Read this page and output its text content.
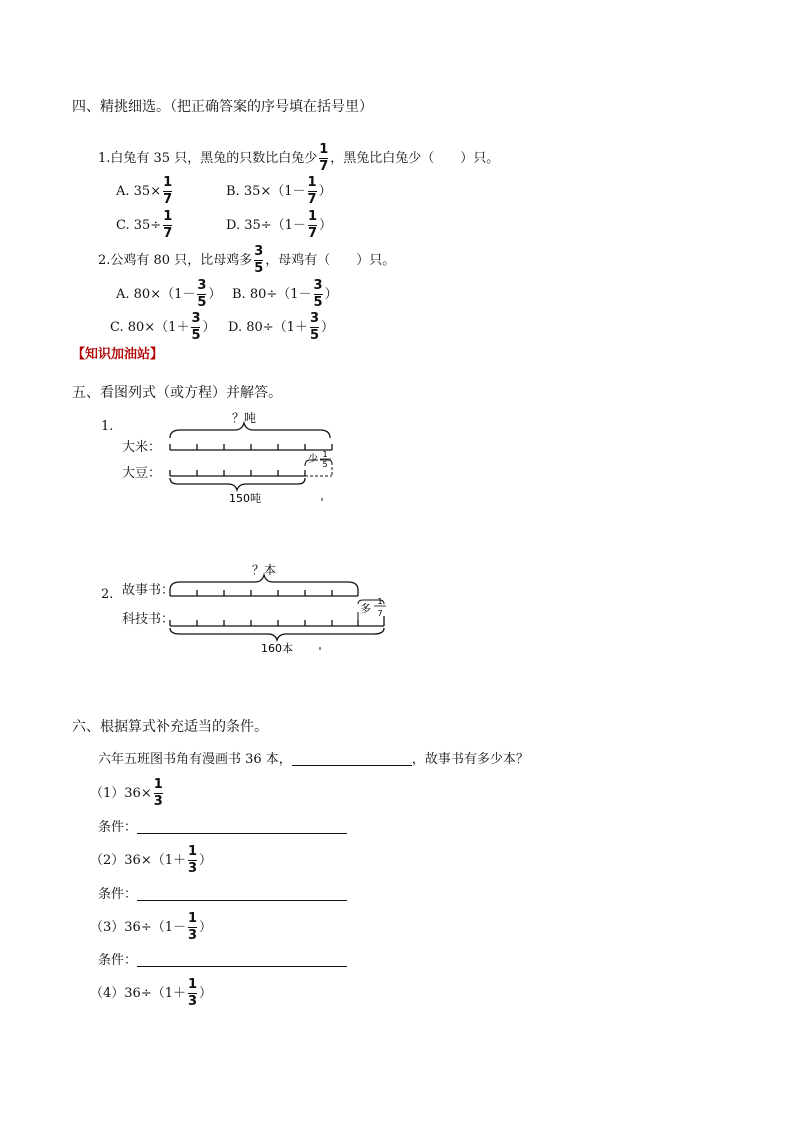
四、精挑细选。（把正确答案的序号填在括号里）
1.白兔有 35 只，黑兔的只数比白兔少 $\frac{1}{7}$ ，黑兔比白兔少（　　）只。
A. $35\times \frac{1}{7}$	B. $35\times(1- \frac{1}{7}$ ）
C. $35\div \frac{1}{7}$	D. $35\div(1- \frac{1}{7}$ ）
2.公鸡有 80 只，比母鸡多 $\frac{3}{5}$ ，母鸡有（　　）只。
A. $80\times(1- \frac{3}{5}$ ） B. $80\div(1- \frac{3}{5}$ ）
C. $80\times(1+ \frac{3}{5}$ ） D. $80\div(1+ \frac{3}{5}$ ）
【知识加油站】
五、看图列式（或方程）并解答。
1.
大米：
大豆：
？吨
少 1
5
150吨
2. 故事书：
科技书：
？本
多
1
7
160本
六、根据算式补充适当的条件。
六年五班图书角有漫画书 36 本，	，故事书有多少本？
$(1)36\times \frac{1}{3}$
条件：
$(2)36\times(1+ \frac{1}{3}$ ）
条件：
$(3)36\div(1- \frac{1}{3}$ ）
条件：
$(4)36\div(1+ \frac{1}{3}$ ）
